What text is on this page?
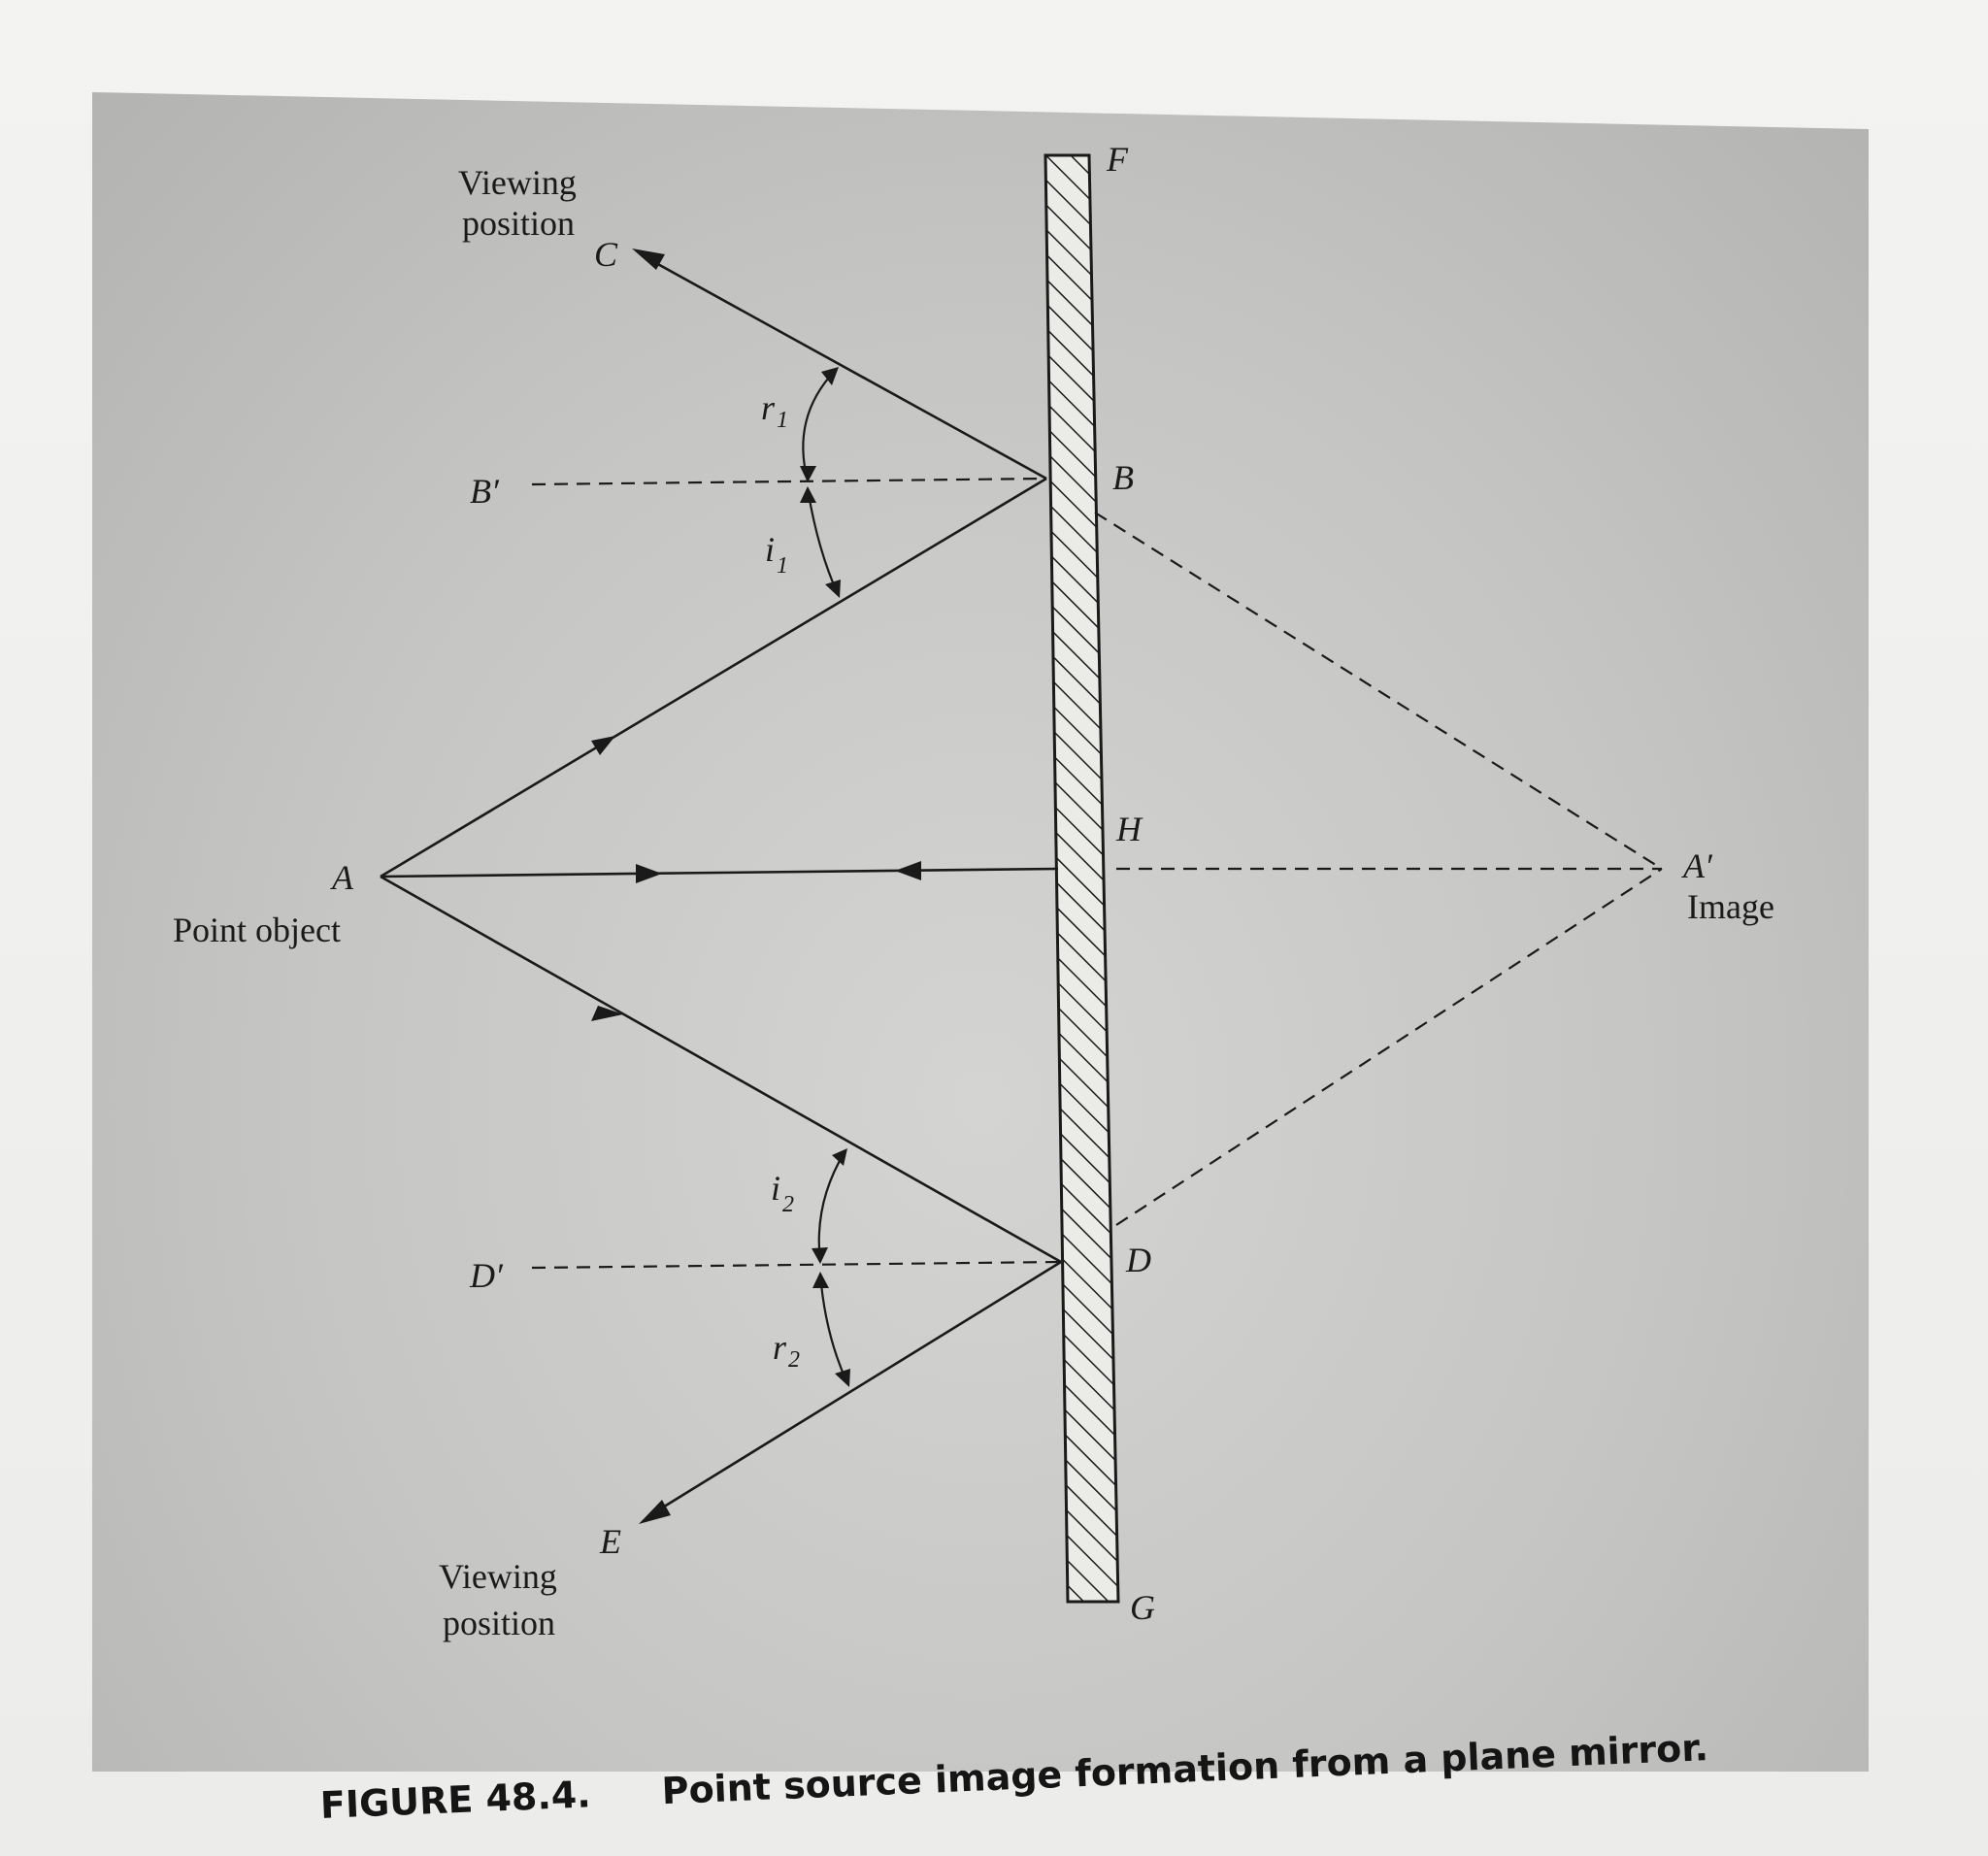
Viewing
position
C
F
r 1
B′	B
i 1
H
A
Point object
A′
Image
i 2
D′	D
r 2
E
Viewing
position	G
FIGURE 48.4. Point source image formation from a plane mirror.
